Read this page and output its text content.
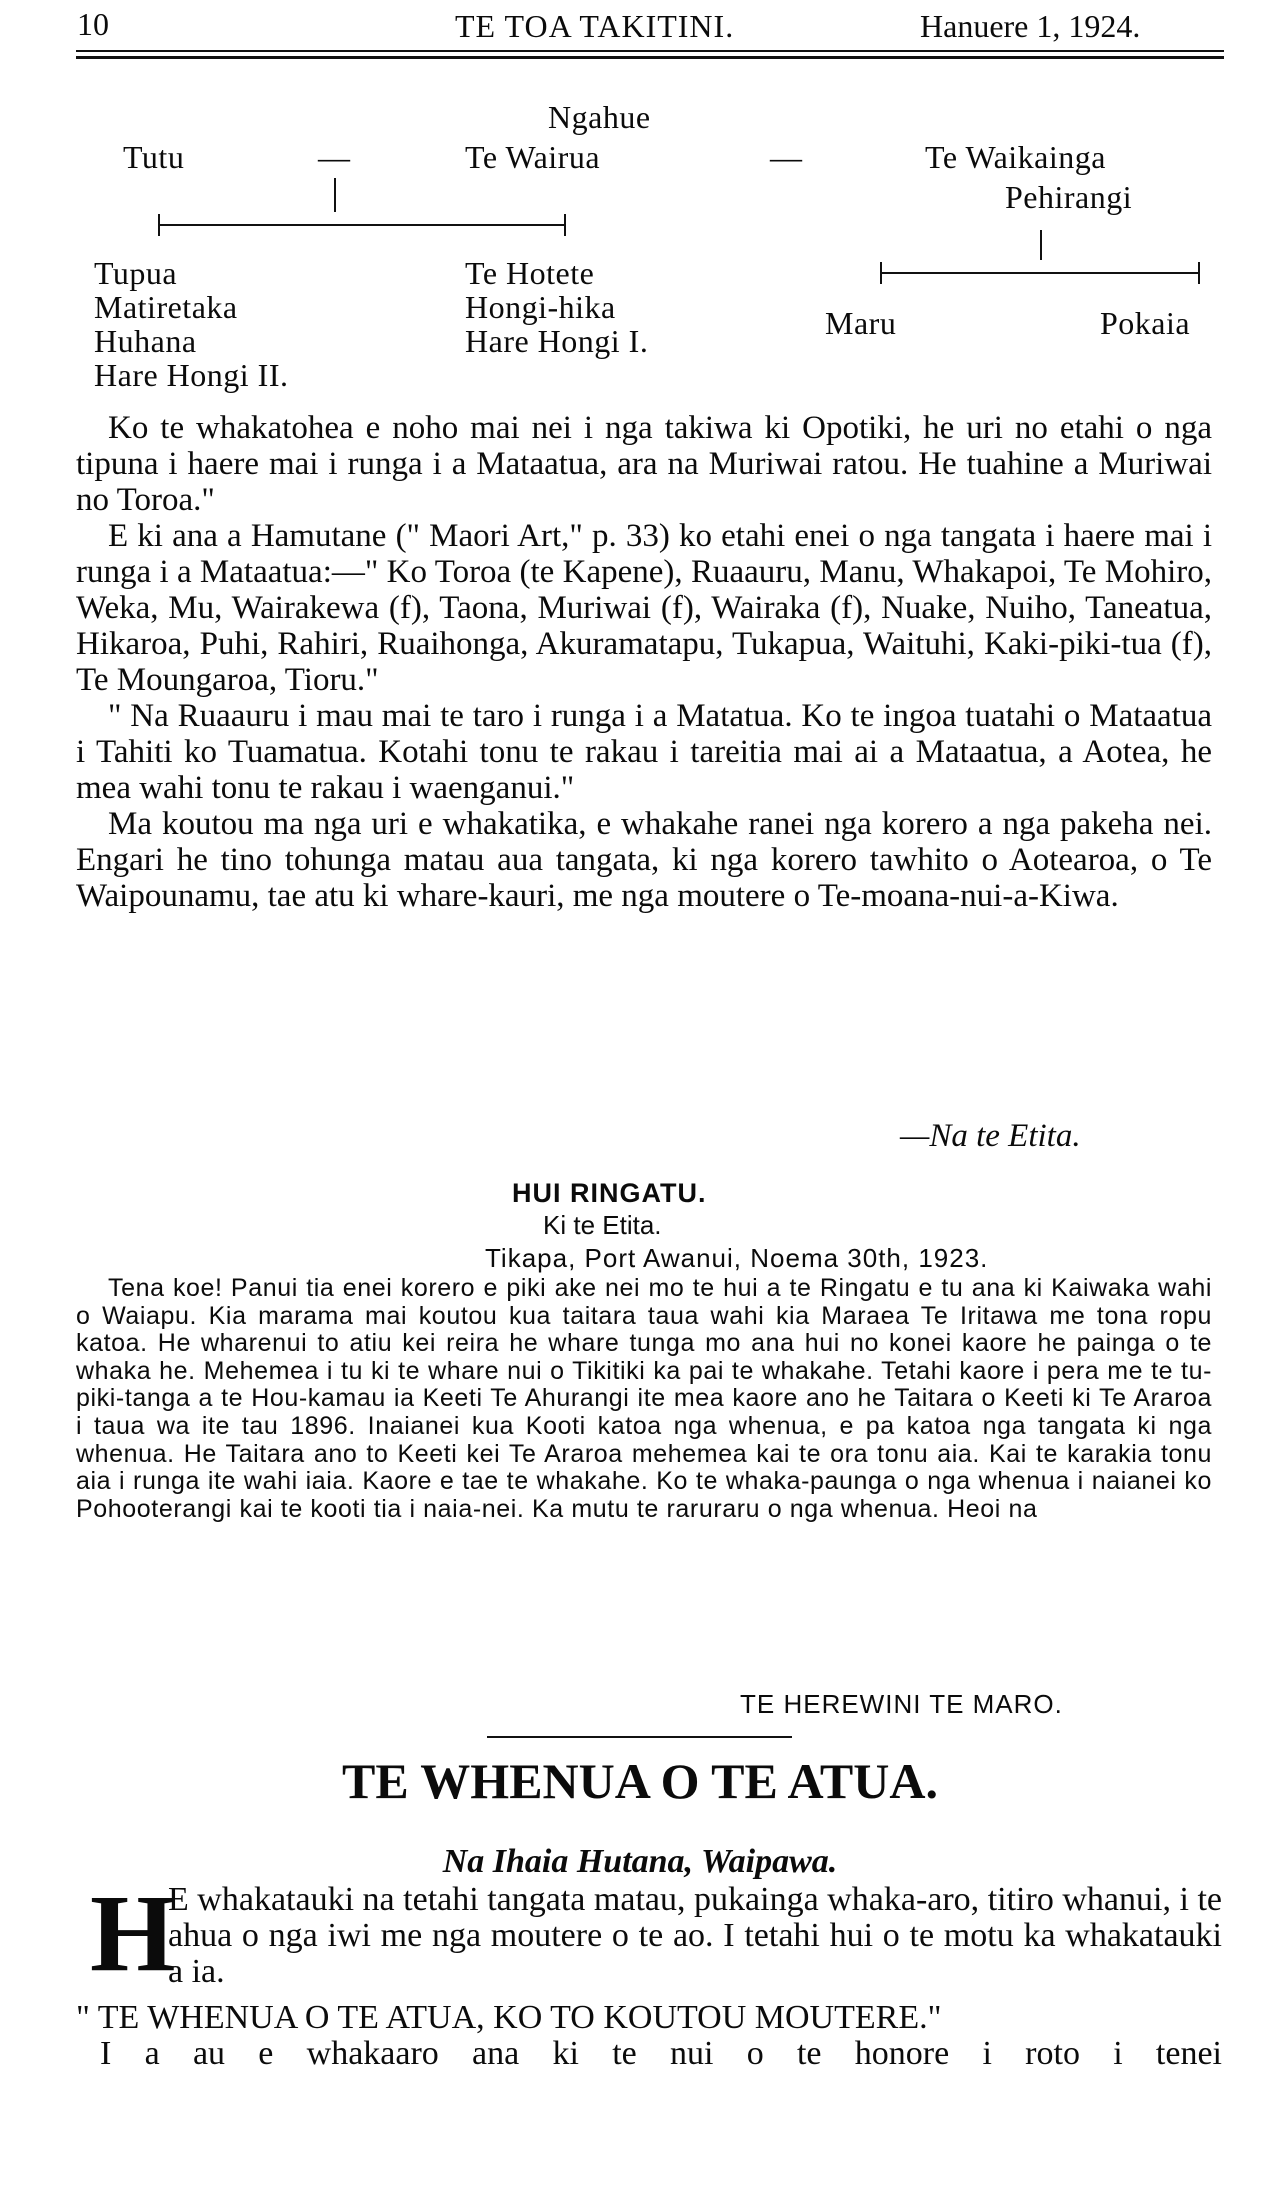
10	TE TOA TAKITINI.	Hanuere 1, 1924.
Ngahue
Tutu	—	Te Wairua	—	Te Waikainga
Pehirangi
Tupua
Matiretaka
Huhana
Hare Hongi II.
Te Hotete
Hongi-hika
Hare Hongi I.	Maru	Pokaia

Ko te whakatohea e noho mai nei i nga takiwa ki Opotiki, he uri no etahi o nga tipuna i haere mai i runga i a Mataatua, ara na Muriwai ratou. He tuahine a Muriwai no Toroa."

E ki ana a Hamutane (" Maori Art," p. 33) ko etahi enei o nga tangata i haere mai i runga i a Mataatua:—" Ko Toroa (te Kapene), Ruaauru, Manu, Whakapoi, Te Mohiro, Weka, Mu, Wairakewa (f), Taona, Muriwai (f), Wairaka (f), Nuake, Nuiho, Taneatua, Hikaroa, Puhi, Rahiri, Ruaihonga, Akuramatapu, Tukapua, Waituhi, Kaki-piki-tua (f), Te Moungaroa, Tioru."

" Na Ruaauru i mau mai te taro i runga i a Matatua. Ko te ingoa tuatahi o Mataatua i Tahiti ko Tuamatua. Kotahi tonu te rakau i tareitia mai ai a Mataatua, a Aotea, he mea wahi tonu te rakau i waenganui."

Ma koutou ma nga uri e whakatika, e whakahe ranei nga korero a nga pakeha nei. Engari he tino tohunga matau aua tangata, ki nga korero tawhito o Aotearoa, o Te Waipounamu, tae atu ki whare-kauri, me nga moutere o Te-moana-nui-a-Kiwa.

—Na te Etita.
HUI RINGATU.
Ki te Etita.
Tikapa, Port Awanui, Noema 30th, 1923.

Tena koe! Panui tia enei korero e piki ake nei mo te hui a te Ringatu e tu ana ki Kaiwaka wahi o Waiapu. Kia marama mai koutou kua taitara taua wahi kia Maraea Te Iritawa me tona ropu katoa. He wharenui to atiu kei reira he whare tunga mo ana hui no konei kaore he painga o te whaka he. Mehemea i tu ki te whare nui o Tikitiki ka pai te whakahe. Tetahi kaore i pera me te tu-piki-tanga a te Hou-kamau ia Keeti Te Ahurangi ite mea kaore ano he Taitara o Keeti ki Te Araroa i taua wa ite tau 1896. Inaianei kua Kooti katoa nga whenua, e pa katoa nga tangata ki nga whenua. He Taitara ano to Keeti kei Te Araroa mehemea kai te ora tonu aia. Kai te karakia tonu aia i runga ite wahi iaia. Kaore e tae te whakahe. Ko te whaka-paunga o nga whenua i naianei ko Pohooterangi kai te kooti tia i naia-nei. Ka mutu te raruraru o nga whenua. Heoi na

TE HEREWINI TE MARO.
TE WHENUA O TE ATUA.
Na Ihaia Hutana, Waipawa.
H

E whakatauki na tetahi tangata matau, pukainga whaka-aro, titiro whanui, i te ahua o nga iwi me nga moutere o te ao. I tetahi hui o te motu ka whakatauki a ia.

" TE WHENUA O TE ATUA, KO TO KOUTOU MOUTERE."

I a au e whakaaro ana ki te nui o te honore i roto i tenei
